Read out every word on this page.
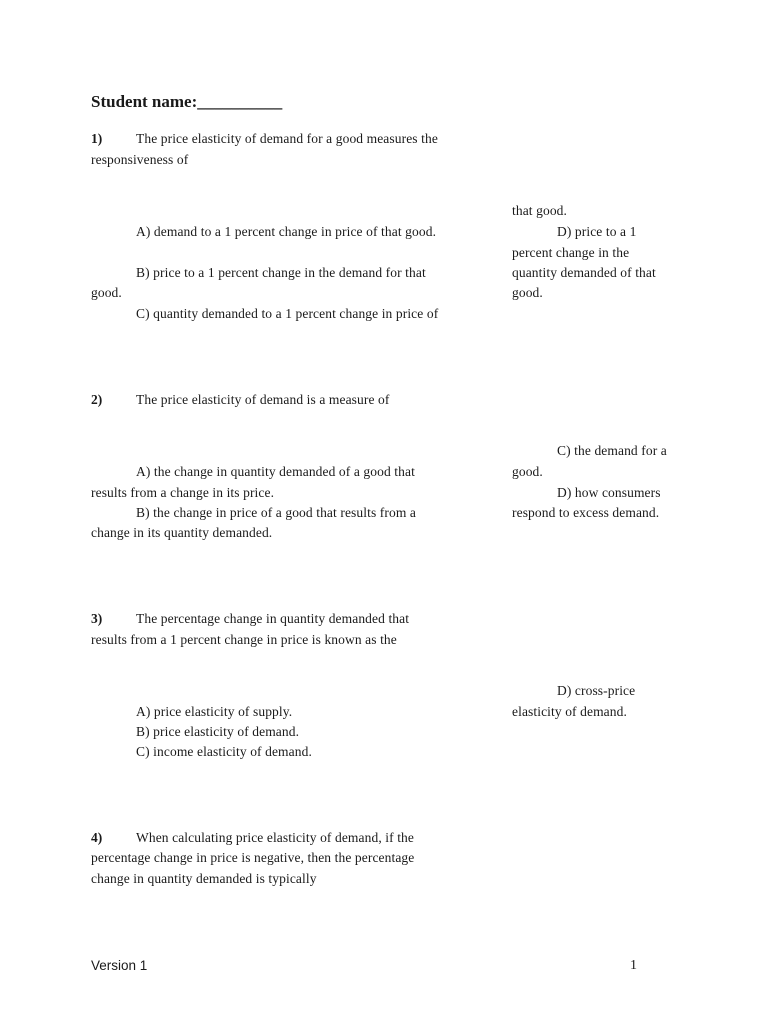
Student name:__________
1)	The price elasticity of demand for a good measures the
responsiveness of
A) demand to a 1 percent change in price of that good.
B) price to a 1 percent change in the demand for that
good.
C) quantity demanded to a 1 percent change in price of
that good.
D) price to a 1
percent change in the
quantity demanded of that
good.
2)	The price elasticity of demand is a measure of
A) the change in quantity demanded of a good that
results from a change in its price.
B) the change in price of a good that results from a
change in its quantity demanded.
C) the demand for a
good.
D) how consumers
respond to excess demand.
3)	The percentage change in quantity demanded that
results from a 1 percent change in price is known as the
A) price elasticity of supply.
B) price elasticity of demand.
C) income elasticity of demand.
D) cross-price
elasticity of demand.
4)	When calculating price elasticity of demand, if the
percentage change in price is negative, then the percentage
change in quantity demanded is typically
Version 1	1
